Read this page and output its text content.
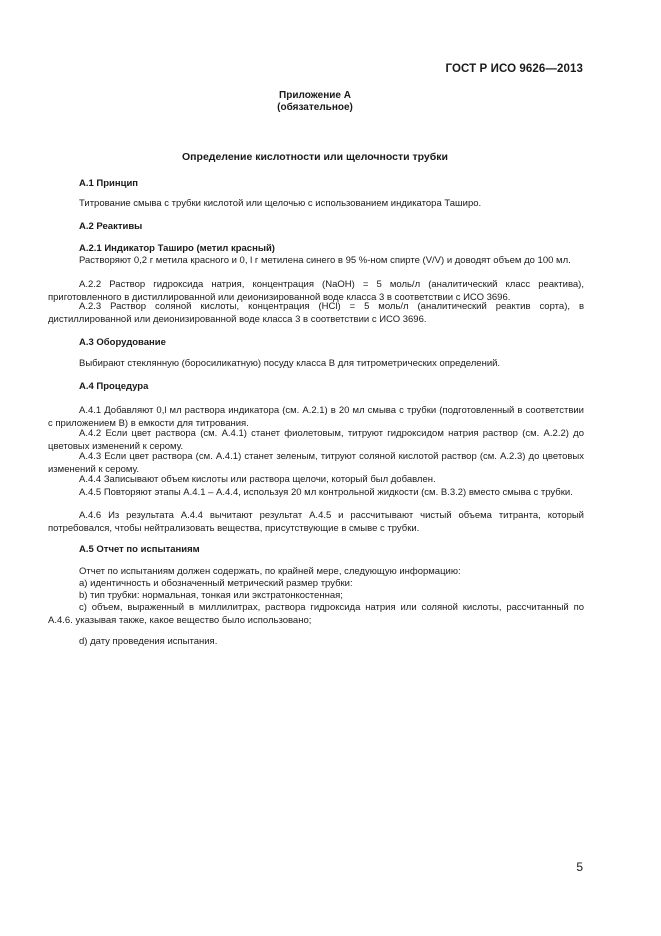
ГОСТ Р ИСО 9626—2013
Приложение А
(обязательное)
Определение кислотности или щелочности трубки
А.1 Принцип
Титрование смыва с трубки кислотой или щелочью с использованием индикатора Таширо.
А.2 Реактивы
А.2.1 Индикатор Таширо (метил красный)
Растворяют 0,2 г метила красного и 0, l г метилена синего в 95 %-ном спирте (V/V) и доводят объем до 100 мл.
А.2.2 Раствор гидроксида натрия, концентрация (NaOH) = 5 моль/л (аналитический класс реактива), приготовленного в дистиллированной или деионизированной воде класса 3 в соответствии с ИСО 3696.
А.2.3 Раствор соляной кислоты, концентрация (HCl) = 5 моль/л (аналитический реактив сорта), в дистиллированной или деионизированной воде класса 3 в соответствии с ИСО 3696.
А.3 Оборудование
Выбирают стеклянную (боросиликатную) посуду класса В для титрометрических определений.
А.4 Процедура
А.4.1 Добавляют 0,l мл раствора индикатора (см. А.2.1) в 20 мл смыва с трубки (подготовленный в соответствии с приложением В) в емкости для титрования.
А.4.2 Если цвет раствора (см. А.4.1) станет фиолетовым, титруют гидроксидом натрия раствор (см. А.2.2) до цветовых изменений к серому.
А.4.3 Если цвет раствора (см. А.4.1) станет зеленым, титруют соляной кислотой раствор (см. А.2.3) до цветовых изменений к серому.
А.4.4 Записывают объем кислоты или раствора щелочи, который был добавлен.
А.4.5 Повторяют этапы А.4.1 – А.4.4, используя 20 мл контрольной жидкости (см. В.3.2) вместо смыва с трубки.
А.4.6 Из результата А.4.4 вычитают результат А.4.5 и рассчитывают чистый объема титранта, который потребовался, чтобы нейтрализовать вещества, присутствующие в смыве с трубки.
А.5 Отчет по испытаниям
Отчет по испытаниям должен содержать, по крайней мере, следующую информацию:
а) идентичность и обозначенный метрический размер трубки:
b) тип трубки: нормальная, тонкая или экстратонкостенная;
с) объем, выраженный в миллилитрах, раствора гидроксида натрия или соляной кислоты, рассчитанный по А.4.6. указывая также, какое вещество было использовано;
d) дату проведения испытания.
5
